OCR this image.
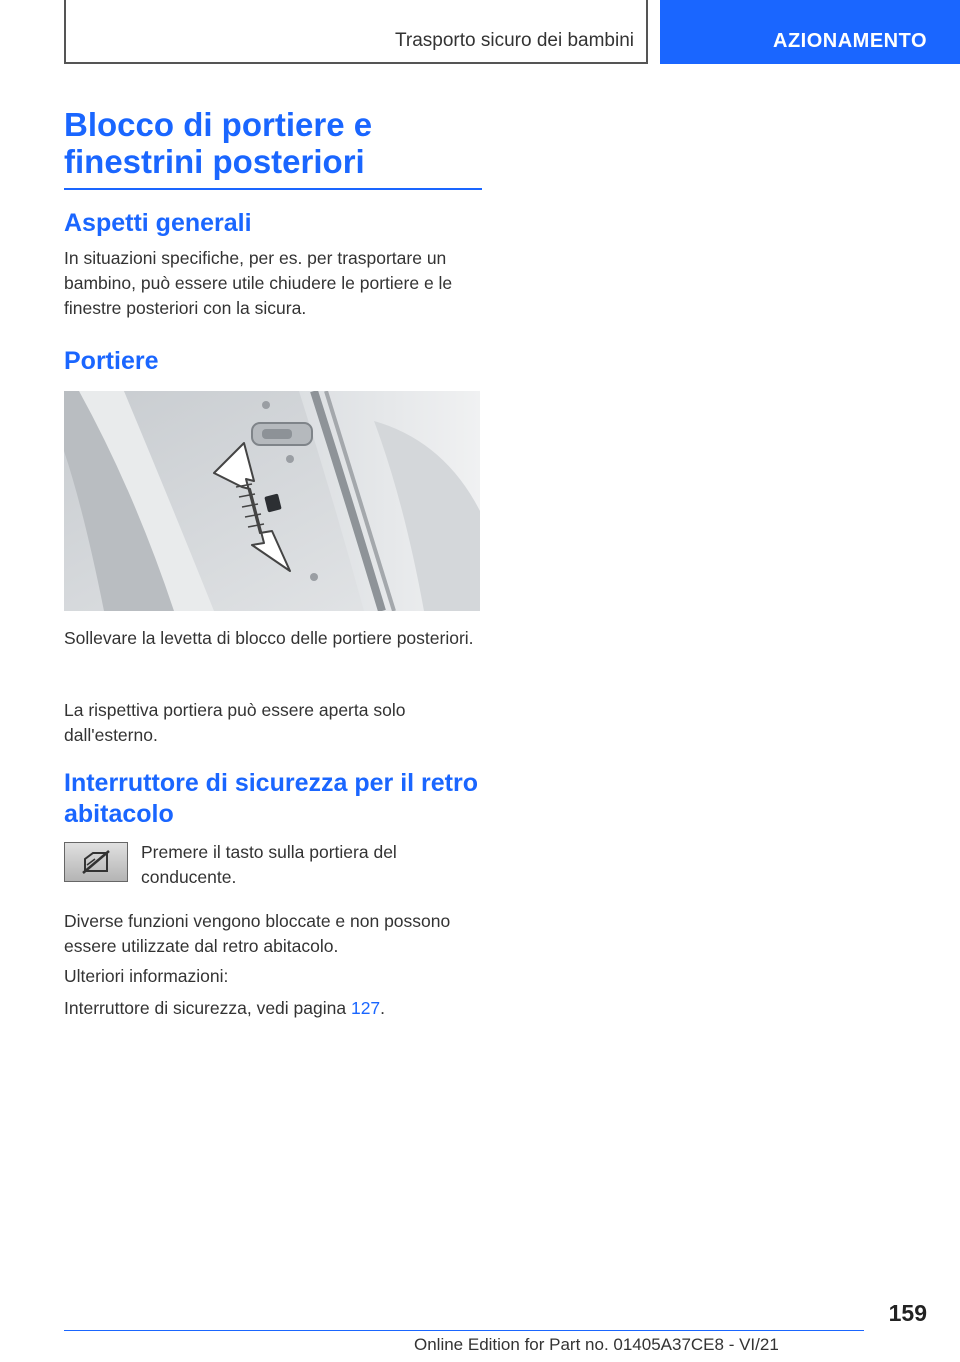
Trasporto sicuro dei bambini	AZIONAMENTO
Blocco di portiere e finestrini posteriori
Aspetti generali

In situazioni specifiche, per es. per trasportare un bambino, può essere utile chiudere le portiere e le finestre posteriori con la sicura.

Portiere

Sollevare la levetta di blocco delle portiere posteriori.

La rispettiva portiera può essere aperta solo dall'esterno.

Interruttore di sicurezza per il retro abitacolo

Premere il tasto sulla portiera del conducente.

Diverse funzioni vengono bloccate e non possono essere utilizzate dal retro abitacolo.

Ulteriori informazioni:

Interruttore di sicurezza, vedi pagina 127.

159
Online Edition for Part no. 01405A37CE8 - VI/21
